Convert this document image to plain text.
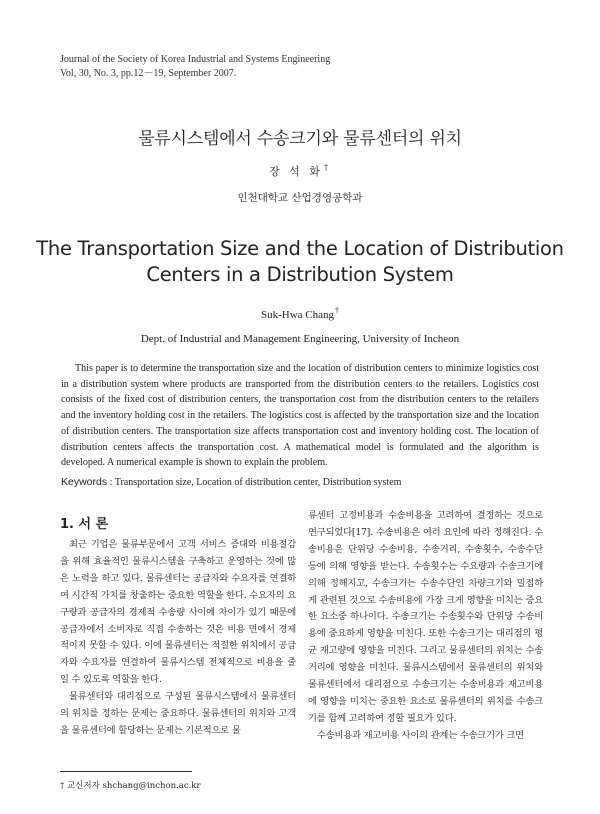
Journal of the Society of Korea Industrial and Systems Engineering
Vol, 30, No. 3, pp.12－19, September 2007.
물류시스템에서 수송크기와 물류센터의 위치
장 석 화†
인천대학교 산업경영공학과
The Transportation Size and the Location of Distribution
Centers in a Distribution System
Suk-Hwa Chang†
Dept. of Industrial and Management Engineering, University of Incheon
This paper is to determine the transportation size and the location of distribution centers to minimize logistics cost in a distribution system where products are transported from the distribution centers to the retailers. Logistics cost consists of the fixed cost of distribution centers, the transportation cost from the distribution centers to the retailers and the inventory holding cost in the retailers. The logistics cost is affected by the transportation size and the location of distribution centers. The transportation size affects transportation cost and inventory holding cost. The location of distribution centers affects the transportation cost. A mathematical model is formulated and the algorithm is developed. A numerical example is shown to explain the problem.
Keywords : Transportation size, Location of distribution center, Distribution system
1. 서 론

최근 기업은 물류부문에서 고객 서비스 증대와 비용절감을 위해 효율적인 물류시스템을 구축하고 운영하는 것에 많은 노력을 하고 있다. 물류센터는 공급자와 수요자를 연결하여 시간적 가치를 창출하는 중요한 역할을 한다. 수요자의 요구량과 공급자의 경제적 수송량 사이에 차이가 있기 때문에 공급자에서 소비자로 직접 수송하는 것은 비용 면에서 경제적이지 못할 수 있다. 이에 물류센터는 적절한 위치에서 공급자와 수요자를 연결하여 물류시스템 전체적으로 비용을 줄일 수 있도록 역할을 한다.

물류센터와 대리점으로 구성된 물류시스템에서 물류센터의 위치를 정하는 문제는 중요하다. 물류센터의 위치와 고객을 물류센터에 할당하는 문제는 기본적으로 물

류센터 고정비용과 수송비용을 고려하여 결정하는 것으로 연구되었다[17]. 수송비용은 여러 요인에 따라 정해진다. 수송비용은 단위당 수송비용, 수송거리, 수송횟수, 수송수단 등에 의해 영향을 받는다. 수송횟수는 수요량과 수송크기에 의해 정해지고, 수송크기는 수송수단인 차량크기와 밀접하게 관련된 것으로 수송비용에 가장 크게 영향을 미치는 중요한 요소중 하나이다. 수송크기는 수송횟수와 단위당 수송비용에 중요하게 영향을 미친다. 또한 수송크기는 대리점의 평균 재고량에 영향을 미친다. 그리고 물류센터의 위치는 수송거리에 영향을 미친다. 물류시스템에서 물류센터의 위치와 물류센터에서 대리점으로 수송크기는 수송비용과 재고비용에 영향을 미치는 중요한 요소로 물류센터의 위치를 수송크기를 함께 고려하여 정할 필요가 있다.

수송비용과 재고비용 사이의 관계는 수송크기가 크면

† 교신저자 shchang@inchon.ac.kr
